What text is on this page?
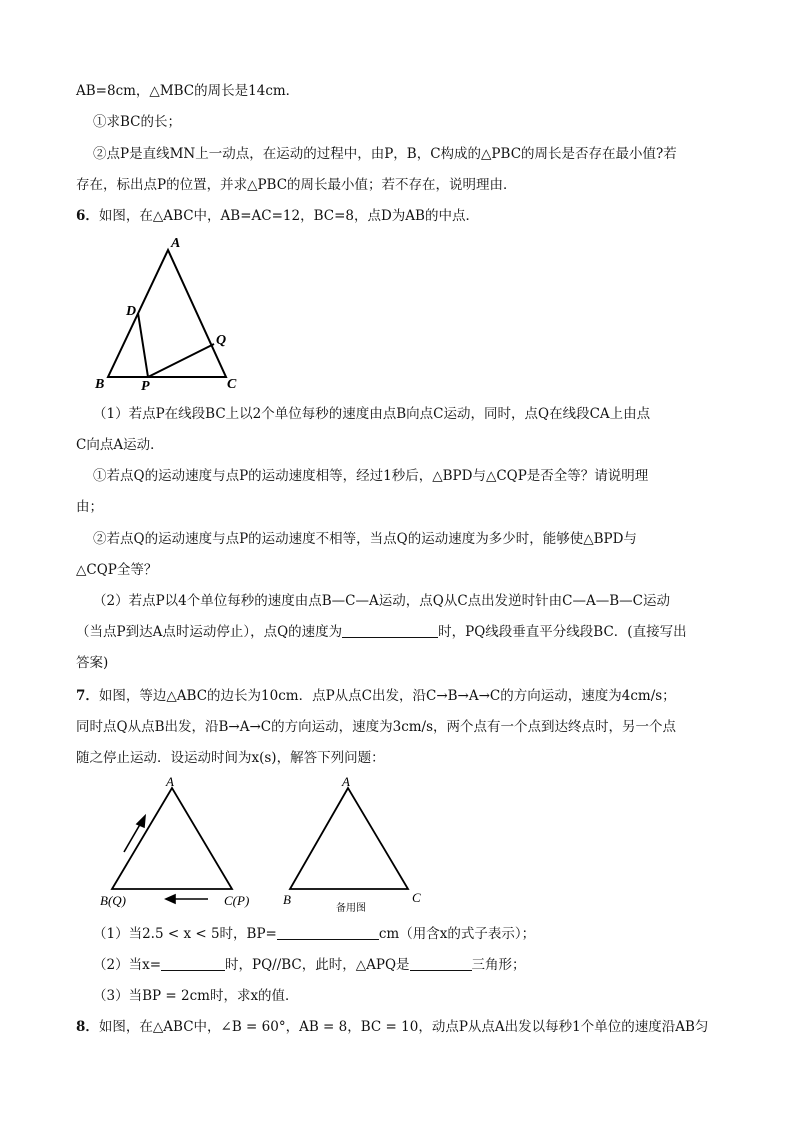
AB=8cm，△MBC的周长是14cm．
①求BC的长；
②点P是直线MN上一动点，在运动的过程中，由P，B，C构成的△PBC的周长是否存在最小值?若
存在，标出点P的位置，并求△PBC的周长最小值；若不存在，说明理由．
6．如图，在△ABC中，AB=AC=12，BC=8，点D为AB的中点．
A
B	C
D
P
Q
（1）若点P在线段BC上以2个单位每秒的速度由点B向点C运动，同时，点Q在线段CA上由点
C向点A运动．
①若点Q的运动速度与点P的运动速度相等，经过1秒后，△BPD与△CQP是否全等？请说明理
由；
②若点Q的运动速度与点P的运动速度不相等，当点Q的运动速度为多少时，能够使△BPD与
△CQP全等？
（2）若点P以4个单位每秒的速度由点B—C—A运动，点Q从C点出发逆时针由C—A—B—C运动
（当点P到达A点时运动停止），点Q的速度为	时，PQ线段垂直平分线段BC．(直接写出
答案)
7．如图，等边△ABC的边长为10cm．点P从点C出发，沿C→B→A→C的方向运动，速度为4cm/s；
同时点Q从点B出发，沿B→A→C的方向运动，速度为3cm/s，两个点有一个点到达终点时，另一个点
随之停止运动．设运动时间为x(s)，解答下列问题：
A
B(Q)	C(P)
A
B	C
备用图
（1）当2.5 < x < 5时，BP=	cm（用含x的式子表示）；
（2）当x=	时，PQ//BC，此时，△APQ是	三角形；
（3）当BP = 2cm时，求x的值．
8．如图，在△ABC中，∠B = 60°，AB = 8，BC = 10，动点P从点A出发以每秒1个单位的速度沿AB匀
